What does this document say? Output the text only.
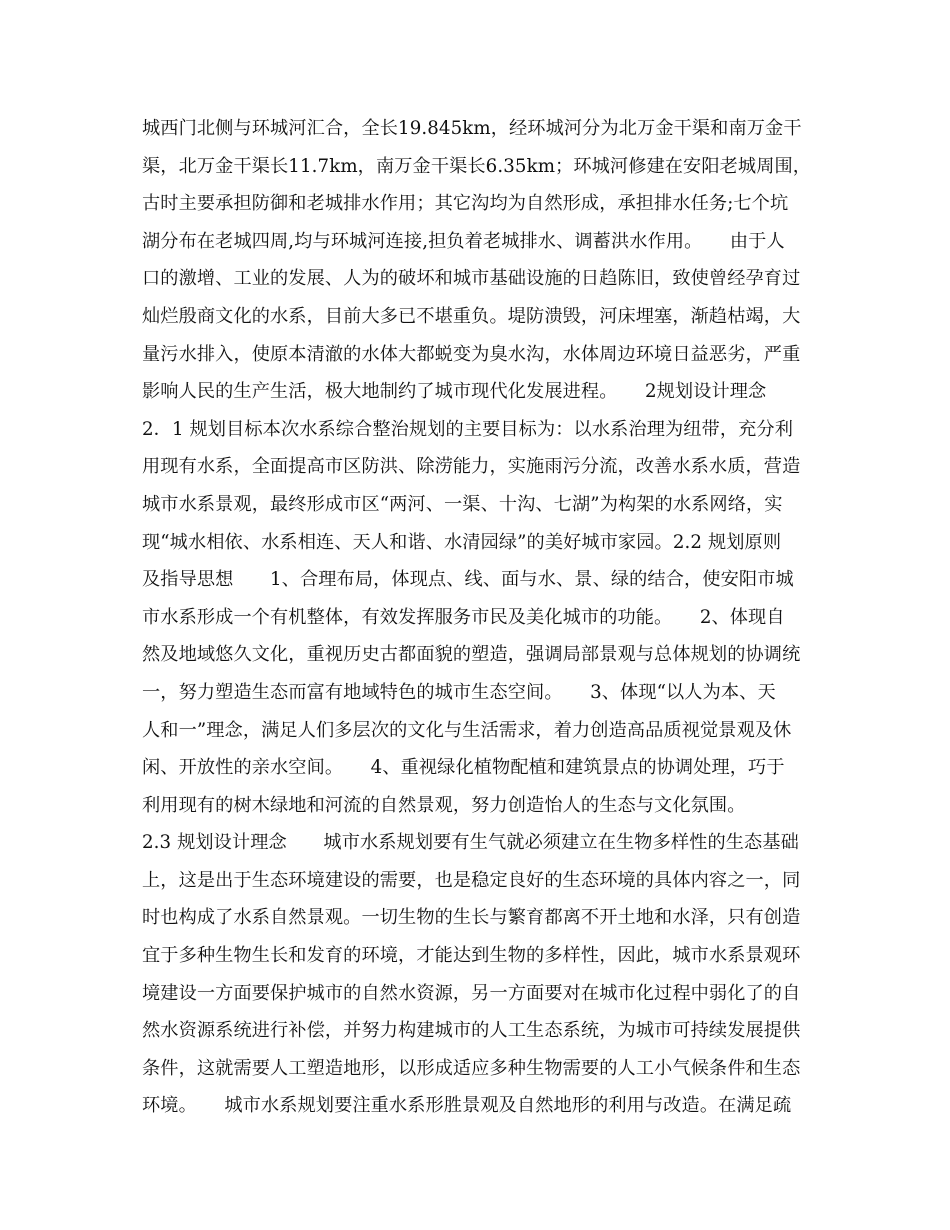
城西门北侧与环城河汇合，全长19.845km，经环城河分为北万金干渠和南万金干
渠，北万金干渠长11.7km，南万金干渠长6.35km；环城河修建在安阳老城周围，
古时主要承担防御和老城排水作用；其它沟均为自然形成，承担排水任务;七个坑
湖分布在老城四周,均与环城河连接,担负着老城排水、调蓄洪水作用。　　由于人
口的激增、工业的发展、人为的破坏和城市基础设施的日趋陈旧，致使曾经孕育过
灿烂殷商文化的水系，目前大多已不堪重负。堤防溃毁，河床埋塞，渐趋枯竭，大
量污水排入，使原本清澈的水体大都蜕变为臭水沟，水体周边环境日益恶劣，严重
影响人民的生产生活，极大地制约了城市现代化发展进程。　　2规划设计理念
2．1 规划目标本次水系综合整治规划的主要目标为：以水系治理为纽带，充分利
用现有水系，全面提高市区防洪、除涝能力，实施雨污分流，改善水系水质，营造
城市水系景观，最终形成市区“两河、一渠、十沟、七湖”为构架的水系网络，实
现“城水相依、水系相连、天人和谐、水清园绿”的美好城市家园。2.2 规划原则
及指导思想　　1、合理布局，体现点、线、面与水、景、绿的结合，使安阳市城
市水系形成一个有机整体，有效发挥服务市民及美化城市的功能。　　2、体现自
然及地域悠久文化，重视历史古都面貌的塑造，强调局部景观与总体规划的协调统
一，努力塑造生态而富有地域特色的城市生态空间。　　3、体现“以人为本、天
人和一”理念，满足人们多层次的文化与生活需求，着力创造高品质视觉景观及休
闲、开放性的亲水空间。　　4、重视绿化植物配植和建筑景点的协调处理，巧于
利用现有的树木绿地和河流的自然景观，努力创造怡人的生态与文化氛围。
2.3 规划设计理念　　城市水系规划要有生气就必须建立在生物多样性的生态基础
上，这是出于生态环境建设的需要，也是稳定良好的生态环境的具体内容之一，同
时也构成了水系自然景观。一切生物的生长与繁育都离不开土地和水泽，只有创造
宜于多种生物生长和发育的环境，才能达到生物的多样性，因此，城市水系景观环
境建设一方面要保护城市的自然水资源，另一方面要对在城市化过程中弱化了的自
然水资源系统进行补偿，并努力构建城市的人工生态系统，为城市可持续发展提供
条件，这就需要人工塑造地形，以形成适应多种生物需要的人工小气候条件和生态
环境。　　城市水系规划要注重水系形胜景观及自然地形的利用与改造。在满足疏
